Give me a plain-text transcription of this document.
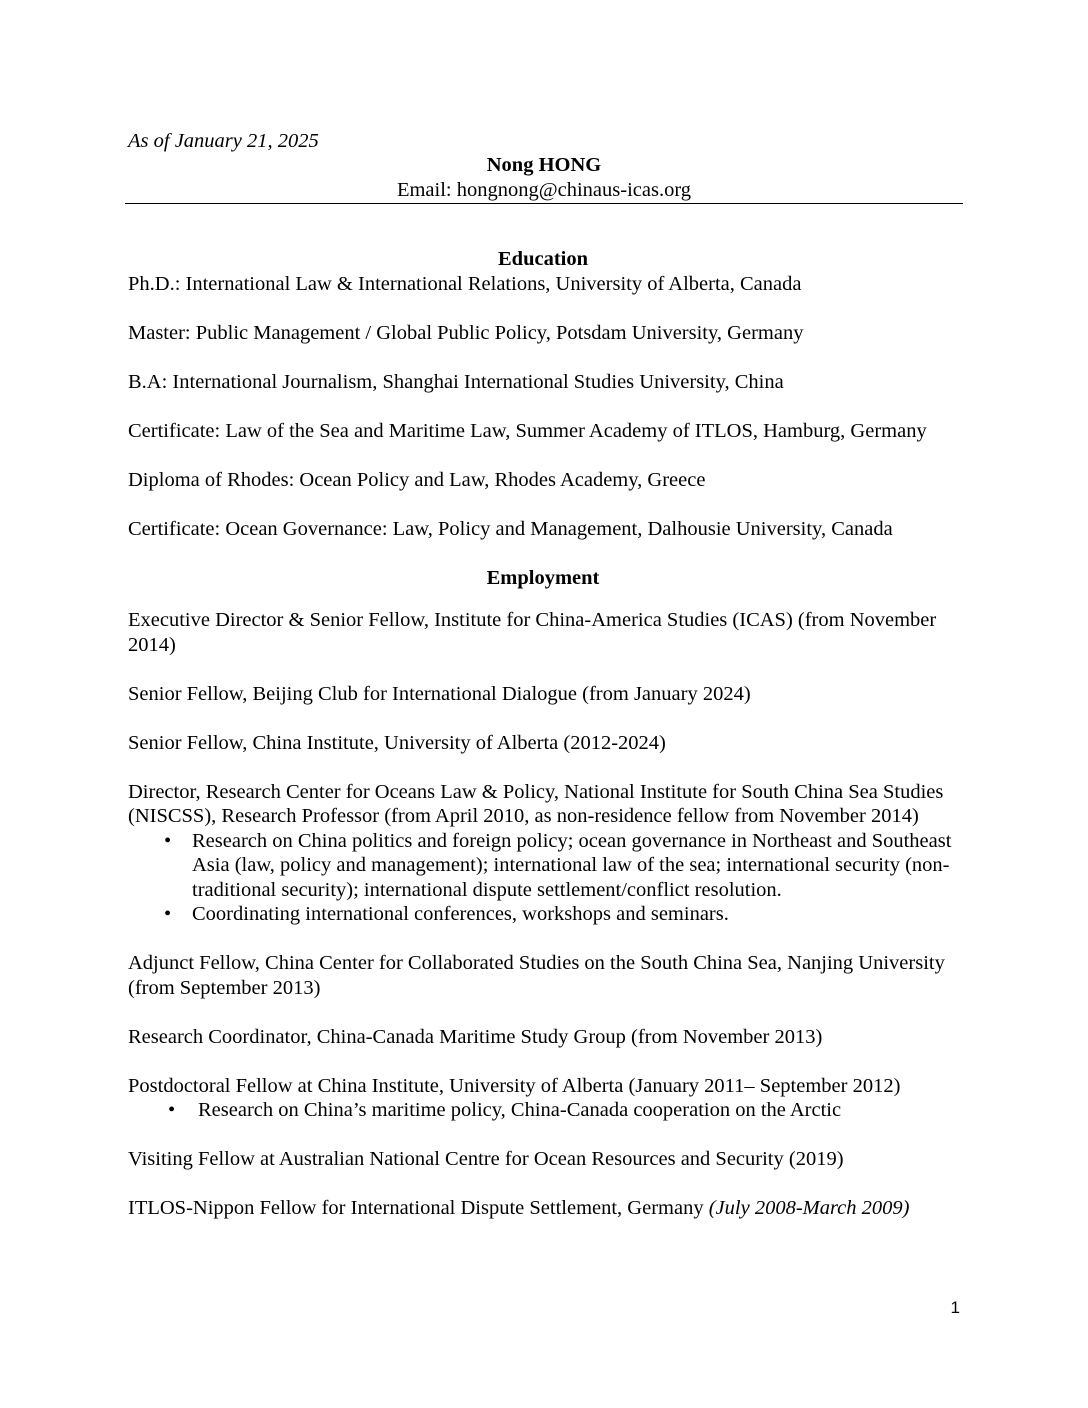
As of January 21, 2025
Nong HONG
Email: hongnong@chinaus-icas.org

Education

Ph.D.: International Law & International Relations, University of Alberta, Canada

Master: Public Management / Global Public Policy, Potsdam University, Germany

B.A: International Journalism, Shanghai International Studies University, China

Certificate: Law of the Sea and Maritime Law, Summer Academy of ITLOS, Hamburg, Germany

Diploma of Rhodes: Ocean Policy and Law, Rhodes Academy, Greece

Certificate: Ocean Governance: Law, Policy and Management, Dalhousie University, Canada

Employment

Executive Director & Senior Fellow, Institute for China-America Studies (ICAS) (from November 2014)

Senior Fellow, Beijing Club for International Dialogue (from January 2024)

Senior Fellow, China Institute, University of Alberta (2012-2024)

Director, Research Center for Oceans Law & Policy, National Institute for South China Sea Studies (NISCSS), Research Professor (from April 2010, as non-residence fellow from November 2014)

• Research on China politics and foreign policy; ocean governance in Northeast and Southeast Asia (law, policy and management); international law of the sea; international security (non-traditional security); international dispute settlement/conflict resolution.
• Coordinating international conferences, workshops and seminars.

Adjunct Fellow, China Center for Collaborated Studies on the South China Sea, Nanjing University (from September 2013)

Research Coordinator, China-Canada Maritime Study Group (from November 2013)

Postdoctoral Fellow at China Institute, University of Alberta (January 2011– September 2012)

• Research on China’s maritime policy, China-Canada cooperation on the Arctic

Visiting Fellow at Australian National Centre for Ocean Resources and Security (2019)

ITLOS-Nippon Fellow for International Dispute Settlement, Germany (July 2008-March 2009)

1
